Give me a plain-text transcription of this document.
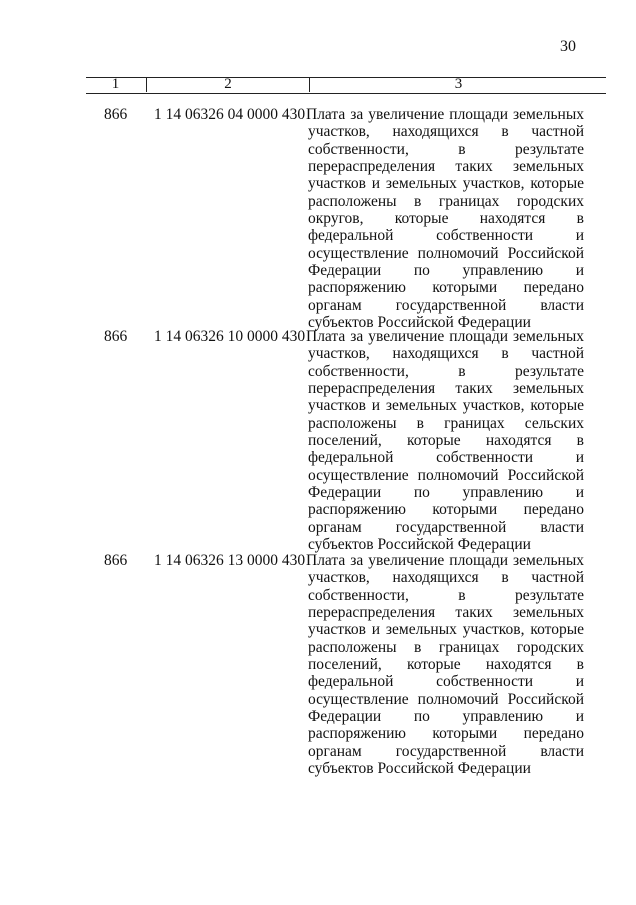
30
1	2	3
866 1 14 06326 04 0000 430 Плата за увеличение площади земельных
участков, находящихся в частной
собственности, в результате
перераспределения таких земельных
участков и земельных участков, которые
расположены в границах городских
округов, которые находятся в
федеральной собственности и
осуществление полномочий Российской
Федерации по управлению и
распоряжению которыми передано
органам государственной власти
субъектов Российской Федерации
866 1 14 06326 10 0000 430 Плата за увеличение площади земельных
участков, находящихся в частной
собственности, в результате
перераспределения таких земельных
участков и земельных участков, которые
расположены в границах сельских
поселений, которые находятся в
федеральной собственности и
осуществление полномочий Российской
Федерации по управлению и
распоряжению которыми передано
органам государственной власти
субъектов Российской Федерации
866 1 14 06326 13 0000 430 Плата за увеличение площади земельных
участков, находящихся в частной
собственности, в результате
перераспределения таких земельных
участков и земельных участков, которые
расположены в границах городских
поселений, которые находятся в
федеральной собственности и
осуществление полномочий Российской
Федерации по управлению и
распоряжению которыми передано
органам государственной власти
субъектов Российской Федерации
